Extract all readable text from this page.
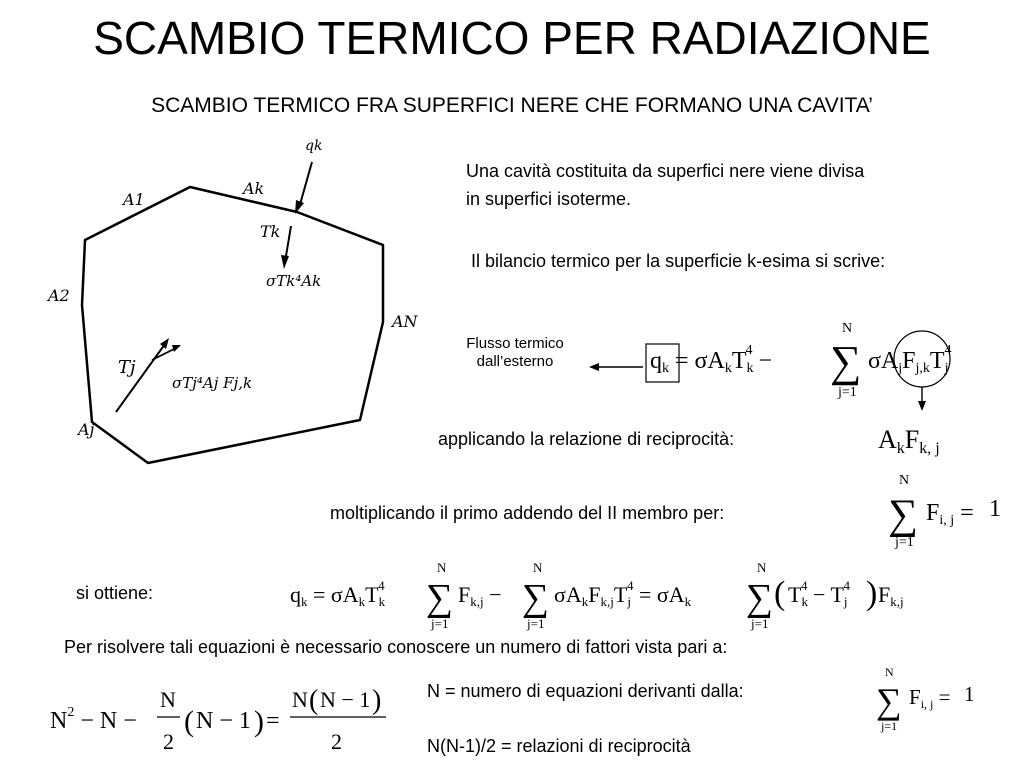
SCAMBIO TERMICO PER RADIAZIONE
SCAMBIO TERMICO FRA SUPERFICI NERE CHE FORMANO UNA CAVITA’
qk
A1
Ak
Tk
σTk⁴Ak
A2
AN
Tj
σTj⁴Aj Fj,k
Aj
Una cavità costituita da superfici nere viene divisa
in superfici isoterme.
Il bilancio termico per la superficie k-esima si scrive:
Flusso termico
dall’esterno	qk = σAkTk4 − ∑
N
j=1
σAjFj,kTj4
applicando la relazione di reciprocità:	AkFk, j
moltiplicando il primo addendo del II membro per:	∑
N
j=1
Fi, j = 1
si ottiene:	qk = σAkTk4 ∑
N
j=1
Fk,j − ∑
N
j=1
σAkFk,jTj4 = σAk ∑
N
j=1
( Tk4 − Tj4 ) Fk,j
Per risolvere tali equazioni è necessario conoscere un numero di fattori vista pari a:
$N^2 - N$ −
N
2
( N − 1 ) =
N ( N − 1 )
2
N = numero di equazioni derivanti dalla:	∑
N
j=1
Fi, j = 1
N(N-1)/2 = relazioni di reciprocità
